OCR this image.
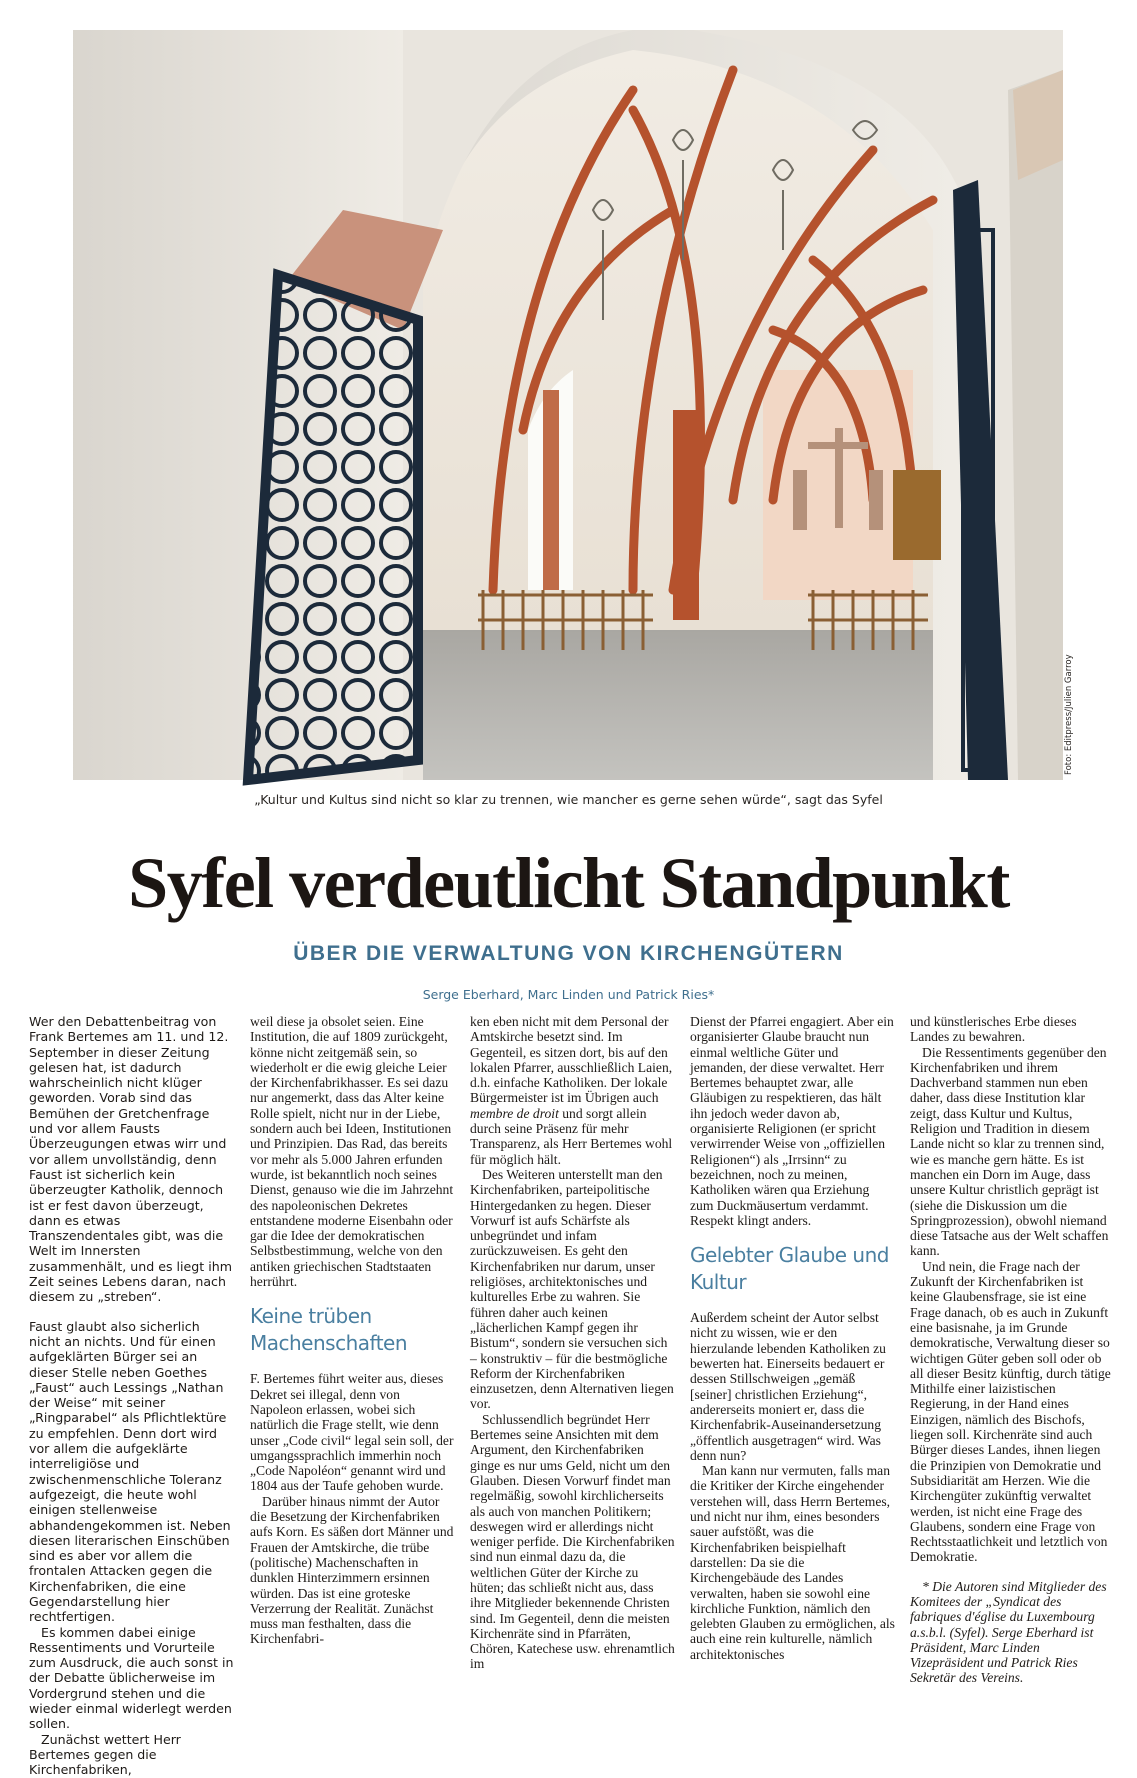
Foto: Editpress/Julien Garroy
„Kultur und Kultus sind nicht so klar zu trennen, wie mancher es gerne sehen würde“, sagt das Syfel
Syfel verdeutlicht Standpunkt
ÜBER DIE VERWALTUNG VON KIRCHENGÜTERN
Serge Eberhard, Marc Linden und Patrick Ries*

Wer den Debattenbeitrag von Frank Bertemes am 11. und 12. September in dieser Zeitung gelesen hat, ist dadurch wahrscheinlich nicht klüger geworden. Vorab sind das Bemühen der Gretchenfrage und vor allem Fausts Überzeugungen etwas wirr und vor allem unvollständig, denn Faust ist sicherlich kein überzeugter Katholik, dennoch ist er fest davon überzeugt, dann es etwas Transzendentales gibt, was die Welt im Innersten zusammenhält, und es liegt ihm Zeit seines Lebens daran, nach diesem zu „streben“.

Faust glaubt also sicherlich nicht an nichts. Und für einen aufgeklärten Bürger sei an dieser Stelle neben Goethes „Faust“ auch Lessings „Nathan der Weise“ mit seiner „Ringparabel“ als Pflichtlektüre zu empfehlen. Denn dort wird vor allem die aufgeklärte interreligiöse und zwischenmenschliche Toleranz aufgezeigt, die heute wohl einigen stellenweise abhandengekommen ist. Neben diesen literarischen Einschüben sind es aber vor allem die frontalen Attacken gegen die Kirchenfabriken, die eine Gegendarstellung hier rechtfertigen.

Es kommen dabei einige Ressentiments und Vorurteile zum Ausdruck, die auch sonst in der Debatte üblicherweise im Vordergrund stehen und die wieder einmal widerlegt werden sollen.

Zunächst wettert Herr Bertemes gegen die Kirchenfabriken,

weil diese ja obsolet seien. Eine Institution, die auf 1809 zurückgeht, könne nicht zeitgemäß sein, so wiederholt er die ewig gleiche Leier der Kirchenfabrikhasser. Es sei dazu nur angemerkt, dass das Alter keine Rolle spielt, nicht nur in der Liebe, sondern auch bei Ideen, Institutionen und Prinzipien. Das Rad, das bereits vor mehr als 5.000 Jahren erfunden wurde, ist bekanntlich noch seines Dienst, genauso wie die im Jahrzehnt des napoleonischen Dekretes entstandene moderne Eisenbahn oder gar die Idee der demokratischen Selbstbestimmung, welche von den antiken griechischen Stadtstaaten herrührt.

Keine trüben Machenschaften

F. Bertemes führt weiter aus, dieses Dekret sei illegal, denn von Napoleon erlassen, wobei sich natürlich die Frage stellt, wie denn unser „Code civil“ legal sein soll, der umgangssprachlich immerhin noch „Code Napoléon“ genannt wird und 1804 aus der Taufe gehoben wurde.

Darüber hinaus nimmt der Autor die Besetzung der Kirchenfabriken aufs Korn. Es säßen dort Männer und Frauen der Amtskirche, die trübe (politische) Machenschaften in dunklen Hinterzimmern ersinnen würden. Das ist eine groteske Verzerrung der Realität. Zunächst muss man festhalten, dass die Kirchenfabri-

ken eben nicht mit dem Personal der Amtskirche besetzt sind. Im Gegenteil, es sitzen dort, bis auf den lokalen Pfarrer, ausschließlich Laien, d.h. einfache Katholiken. Der lokale Bürgermeister ist im Übrigen auch membre de droit und sorgt allein durch seine Präsenz für mehr Transparenz, als Herr Bertemes wohl für möglich hält.

Des Weiteren unterstellt man den Kirchenfabriken, parteipolitische Hintergedanken zu hegen. Dieser Vorwurf ist aufs Schärfste als unbegründet und infam zurückzuweisen. Es geht den Kirchenfabriken nur darum, unser religiöses, architektonisches und kulturelles Erbe zu wahren. Sie führen daher auch keinen „lächerlichen Kampf gegen ihr Bistum“, sondern sie versuchen sich – konstruktiv – für die bestmögliche Reform der Kirchenfabriken einzusetzen, denn Alternativen liegen vor.

Schlussendlich begründet Herr Bertemes seine Ansichten mit dem Argument, den Kirchenfabriken ginge es nur ums Geld, nicht um den Glauben. Diesen Vorwurf findet man regelmäßig, sowohl kirchlicherseits als auch von manchen Politikern; deswegen wird er allerdings nicht weniger perfide. Die Kirchenfabriken sind nun einmal dazu da, die weltlichen Güter der Kirche zu hüten; das schließt nicht aus, dass ihre Mitglieder bekennende Christen sind. Im Gegenteil, denn die meisten Kirchenräte sind in Pfarräten, Chören, Katechese usw. ehrenamtlich im

Dienst der Pfarrei engagiert. Aber ein organisierter Glaube braucht nun einmal weltliche Güter und jemanden, der diese verwaltet. Herr Bertemes behauptet zwar, alle Gläubigen zu respektieren, das hält ihn jedoch weder davon ab, organisierte Religionen (er spricht verwirrender Weise von „offiziellen Religionen“) als „Irrsinn“ zu bezeichnen, noch zu meinen, Katholiken wären qua Erziehung zum Duckmäusertum verdammt. Respekt klingt anders.

Gelebter Glaube und Kultur

Außerdem scheint der Autor selbst nicht zu wissen, wie er den hierzulande lebenden Katholiken zu bewerten hat. Einerseits bedauert er dessen Stillschweigen „gemäß [seiner] christlichen Erziehung“, andererseits moniert er, dass die Kirchenfabrik-Auseinandersetzung „öffentlich ausgetragen“ wird. Was denn nun?

Man kann nur vermuten, falls man die Kritiker der Kirche eingehender verstehen will, dass Herrn Bertemes, und nicht nur ihm, eines besonders sauer aufstößt, was die Kirchenfabriken beispielhaft darstellen: Da sie die Kirchengebäude des Landes verwalten, haben sie sowohl eine kirchliche Funktion, nämlich den gelebten Glauben zu ermöglichen, als auch eine rein kulturelle, nämlich architektonisches

und künstlerisches Erbe dieses Landes zu bewahren.

Die Ressentiments gegenüber den Kirchenfabriken und ihrem Dachverband stammen nun eben daher, dass diese Institution klar zeigt, dass Kultur und Kultus, Religion und Tradition in diesem Lande nicht so klar zu trennen sind, wie es manche gern hätte. Es ist manchen ein Dorn im Auge, dass unsere Kultur christlich geprägt ist (siehe die Diskussion um die Springprozession), obwohl niemand diese Tatsache aus der Welt schaffen kann.

Und nein, die Frage nach der Zukunft der Kirchenfabriken ist keine Glaubensfrage, sie ist eine Frage danach, ob es auch in Zukunft eine basisnahe, ja im Grunde demokratische, Verwaltung dieser so wichtigen Güter geben soll oder ob all dieser Besitz künftig, durch tätige Mithilfe einer laizistischen Regierung, in der Hand eines Einzigen, nämlich des Bischofs, liegen soll. Kirchenräte sind auch Bürger dieses Landes, ihnen liegen die Prinzipien von Demokratie und Subsidiarität am Herzen. Wie die Kirchengüter zukünftig verwaltet werden, ist nicht eine Frage des Glaubens, sondern eine Frage von Rechtsstaatlichkeit und letztlich von Demokratie.

* Die Autoren sind Mitglieder des Komitees der „Syndicat des fabriques d'église du Luxembourg a.s.b.l. (Syfel). Serge Eberhard ist Präsident, Marc Linden Vizepräsident und Patrick Ries Sekretär des Vereins.
